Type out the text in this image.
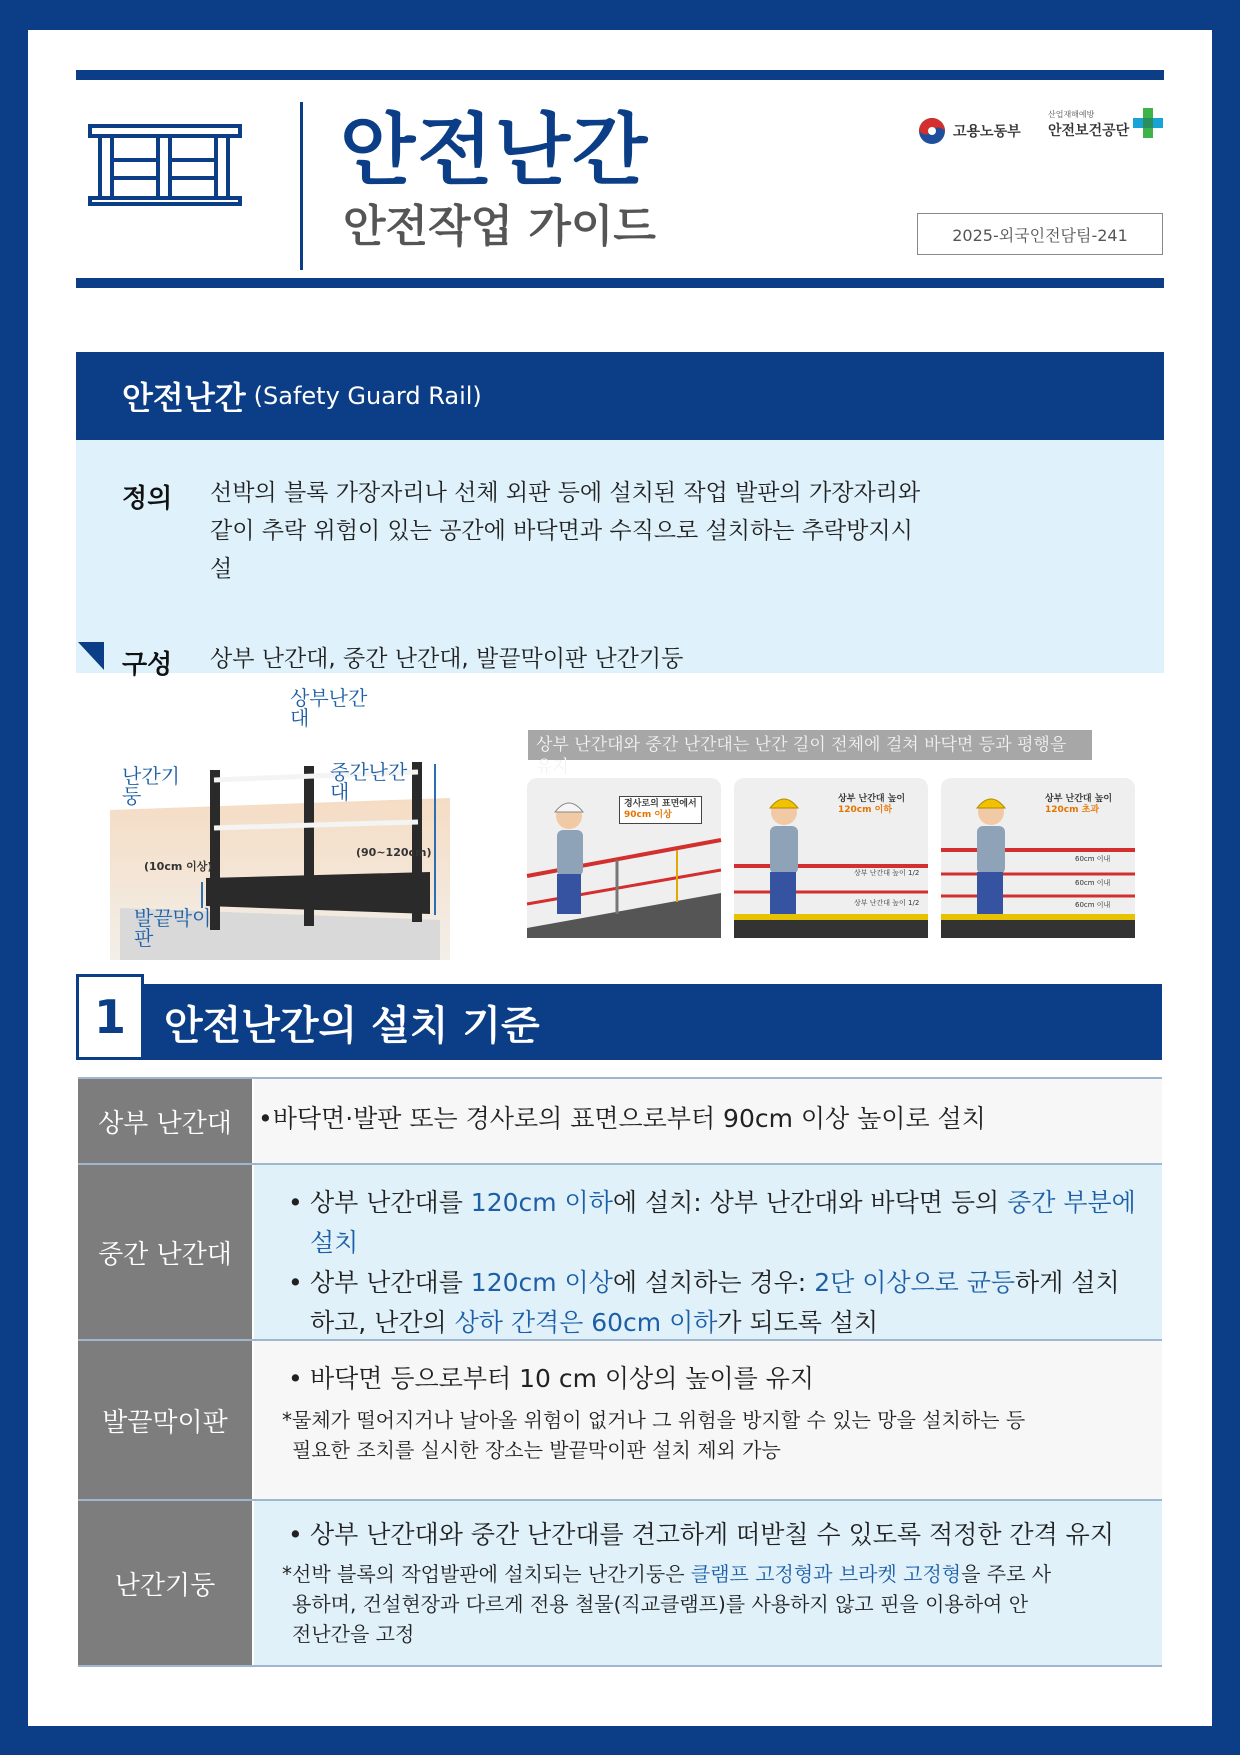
안전난간
안전작업 가이드
고용노동부
산업재해예방
안전보건공단
2025-외국인전담팀-241
안전난간 (Safety Guard Rail)
정의 선박의 블록 가장자리나 선체 외판 등에 설치된 작업 발판의 가장자리와
같이 추락 위험이 있는 공간에 바닥면과 수직으로 설치하는 추락방지시
설
구성 상부 난간대, 중간 난간대, 발끝막이판 난간기둥
상부난간
대
난간기
둥
중간난간
대
발끝막이
판
(10cm 이상)
(90~120cm)
상부 난간대와 중간 난간대는 난간 길이 전체에 걸쳐 바닥면 등과 평행을 유지
경사로의 표면에서
90cm 이상
상부 난간대 높이
120cm 이하
상부 난간대 높이 1/2
상부 난간대 높이 1/2
상부 난간대 높이
120cm 초과
60cm 이내
60cm 이내
60cm 이내
안전난간의 설치 기준
1
상부 난간대	•바닥면·발판 또는 경사로의 표면으로부터 90cm 이상 높이로 설치
중간 난간대
• 상부 난간대를 120cm 이하에 설치: 상부 난간대와 바닥면 등의 중간 부분에 설치
• 상부 난간대를 120cm 이상에 설치하는 경우: 2단 이상으로 균등하게 설치
하고, 난간의 상하 간격은 60cm 이하가 되도록 설치
발끝막이판
• 바닥면 등으로부터 10 cm 이상의 높이를 유지
*물체가 떨어지거나 날아올 위험이 없거나 그 위험을 방지할 수 있는 망을 설치하는 등
필요한 조치를 실시한 장소는 발끝막이판 설치 제외 가능
난간기둥
• 상부 난간대와 중간 난간대를 견고하게 떠받칠 수 있도록 적정한 간격 유지
*선박 블록의 작업발판에 설치되는 난간기둥은 클램프 고정형과 브라켓 고정형을 주로 사
용하며, 건설현장과 다르게 전용 철물(직교클램프)를 사용하지 않고 핀을 이용하여 안
전난간을 고정
